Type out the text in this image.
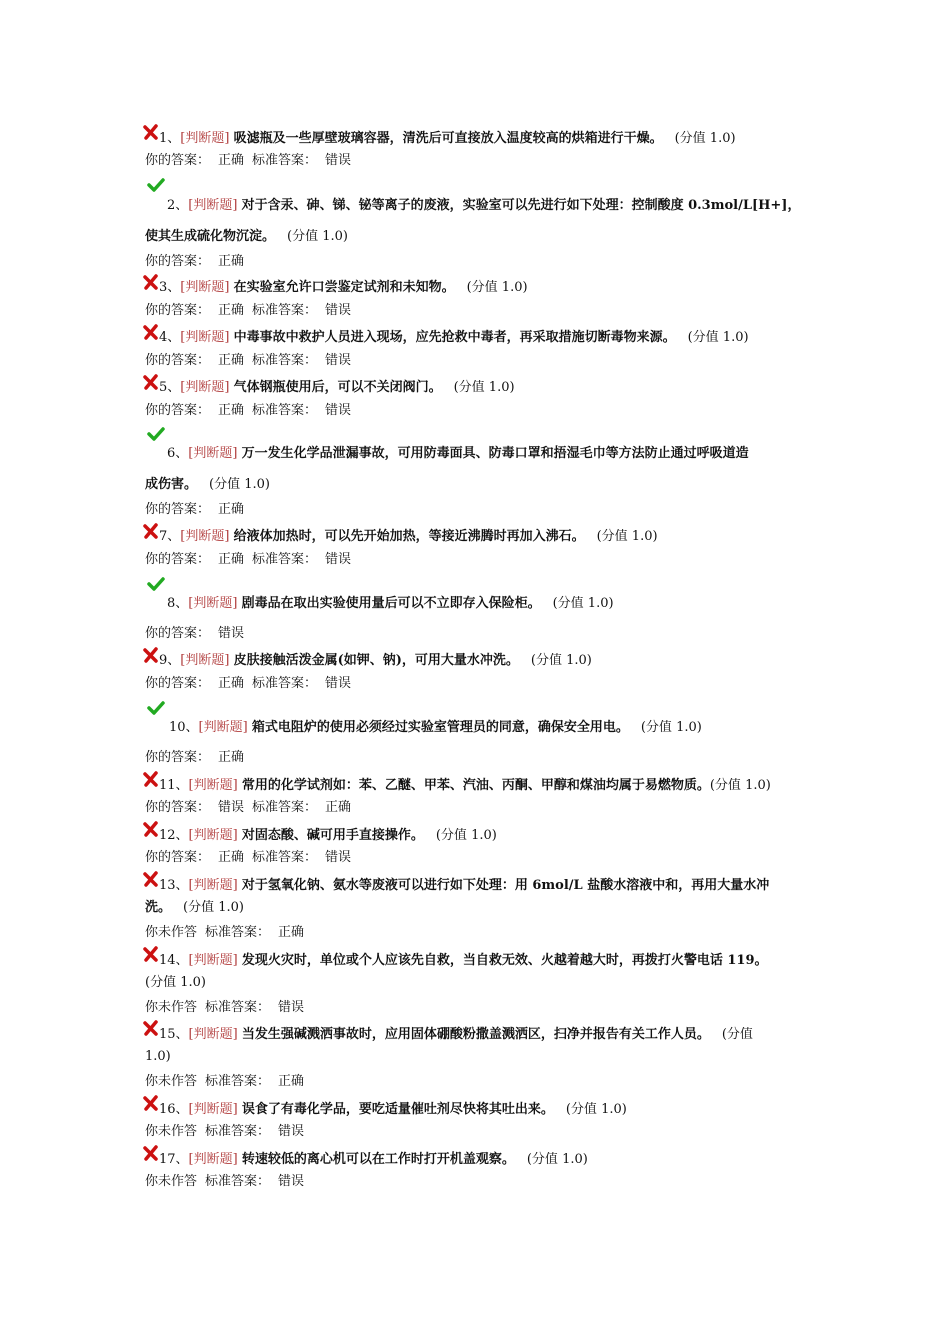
1、[判断题] 吸滤瓶及一些厚壁玻璃容器，清洗后可直接放入温度较高的烘箱进行干燥。 (分值 1.0)
你的答案： 正确 标准答案： 错误
2、[判断题] 对于含汞、砷、锑、铋等离子的废液，实验室可以先进行如下处理：控制酸度 0.3mol/L[H+]，
使其生成硫化物沉淀。 (分值 1.0)
你的答案： 正确
3、[判断题] 在实验室允许口尝鉴定试剂和未知物。 (分值 1.0)
你的答案： 正确 标准答案： 错误
4、[判断题] 中毒事故中救护人员进入现场，应先抢救中毒者，再采取措施切断毒物来源。 (分值 1.0)
你的答案： 正确 标准答案： 错误
5、[判断题] 气体钢瓶使用后，可以不关闭阀门。 (分值 1.0)
你的答案： 正确 标准答案： 错误
6、[判断题] 万一发生化学品泄漏事故，可用防毒面具、防毒口罩和捂湿毛巾等方法防止通过呼吸道造
成伤害。 (分值 1.0)
你的答案： 正确
7、[判断题] 给液体加热时，可以先开始加热，等接近沸腾时再加入沸石。 (分值 1.0)
你的答案： 正确 标准答案： 错误
8、[判断题] 剧毒品在取出实验使用量后可以不立即存入保险柜。 (分值 1.0)
你的答案： 错误
9、[判断题] 皮肤接触活泼金属(如钾、钠)，可用大量水冲洗。 (分值 1.0)
你的答案： 正确 标准答案： 错误
10、[判断题] 箱式电阻炉的使用必须经过实验室管理员的同意，确保安全用电。 (分值 1.0)
你的答案： 正确
11、[判断题] 常用的化学试剂如：苯、乙醚、甲苯、汽油、丙酮、甲醇和煤油均属于易燃物质。(分值 1.0)
你的答案： 错误 标准答案： 正确
12、[判断题] 对固态酸、碱可用手直接操作。 (分值 1.0)
你的答案： 正确 标准答案： 错误
13、[判断题] 对于氢氧化钠、氨水等废液可以进行如下处理：用 6mol/L 盐酸水溶液中和，再用大量水冲
洗。 (分值 1.0)
你未作答 标准答案： 正确
14、[判断题] 发现火灾时，单位或个人应该先自救，当自救无效、火越着越大时，再拨打火警电话 119。
(分值 1.0)
你未作答 标准答案： 错误
15、[判断题] 当发生强碱溅洒事故时，应用固体硼酸粉撒盖溅洒区，扫净并报告有关工作人员。 (分值
1.0)
你未作答 标准答案： 正确
16、[判断题] 误食了有毒化学品，要吃适量催吐剂尽快将其吐出来。 (分值 1.0)
你未作答 标准答案： 错误
17、[判断题] 转速较低的离心机可以在工作时打开机盖观察。 (分值 1.0)
你未作答 标准答案： 错误
